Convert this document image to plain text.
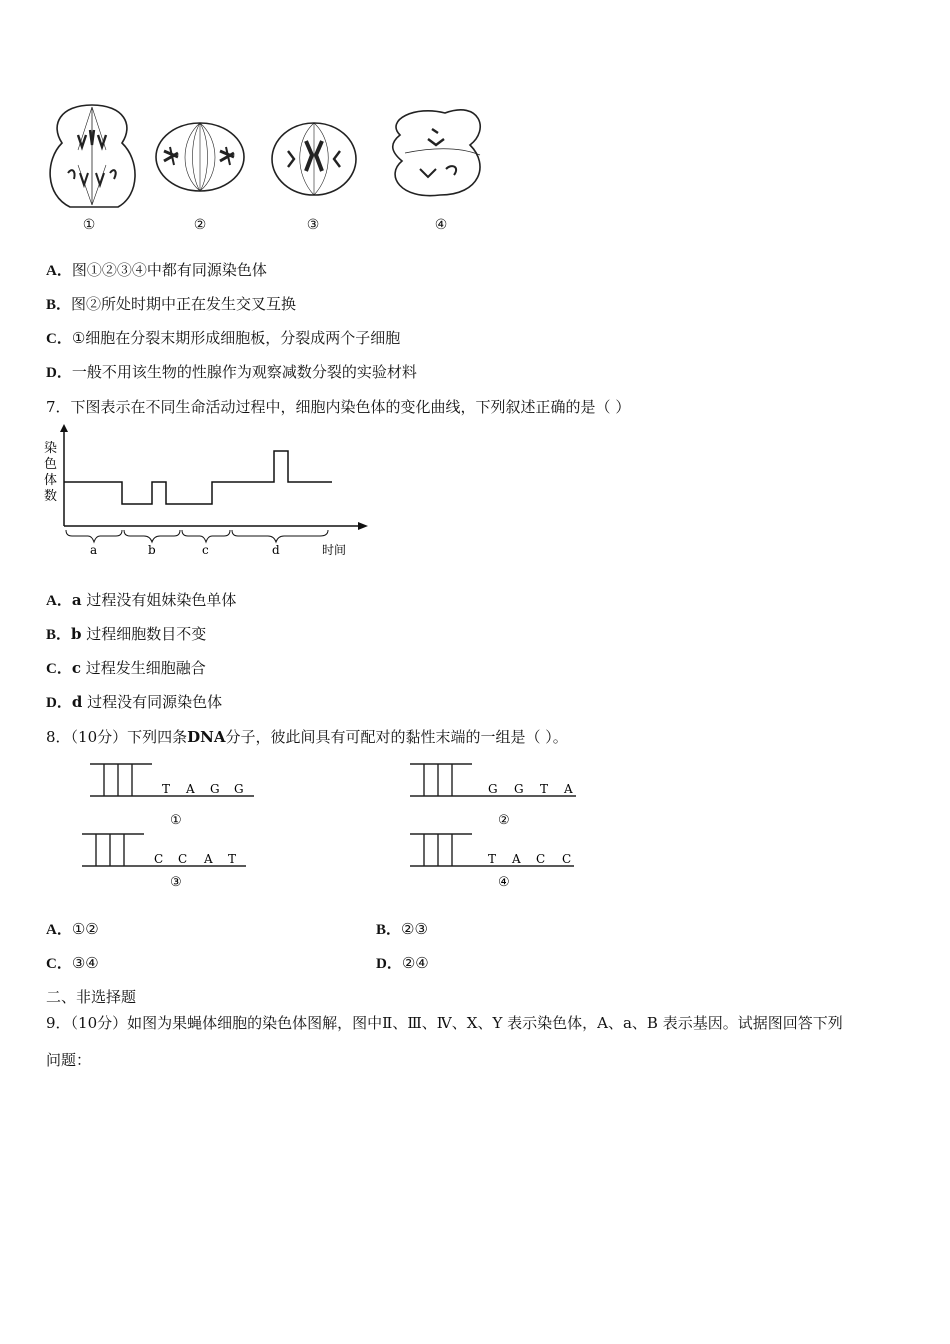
①	②	③	④
A．图①②③④中都有同源染色体
B．图②所处时期中正在发生交叉互换
C．①细胞在分裂末期形成细胞板，分裂成两个子细胞
D．一般不用该生物的性腺作为观察减数分裂的实验材料
7．下图表示在不同生命活动过程中，细胞内染色体的变化曲线，下列叙述正确的是（ ）
染
色
体
数
a	b	c	d	时间
A．a 过程没有姐妹染色单体
B．b 过程细胞数目不变
C．c 过程发生细胞融合
D．d 过程没有同源染色体
8．（10分）下列四条DNA分子，彼此间具有可配对的黏性末端的一组是（ ）。
T A G G
①
G G T A
②
C C A T
③
T A C C
④
A．①②	B．②③
C．③④	D．②④
二、非选择题
9．（10分）如图为果蝇体细胞的染色体图解，图中Ⅱ、Ⅲ、Ⅳ、X、Y 表示染色体，A、a、B 表示基因。试据图回答下列
问题：
